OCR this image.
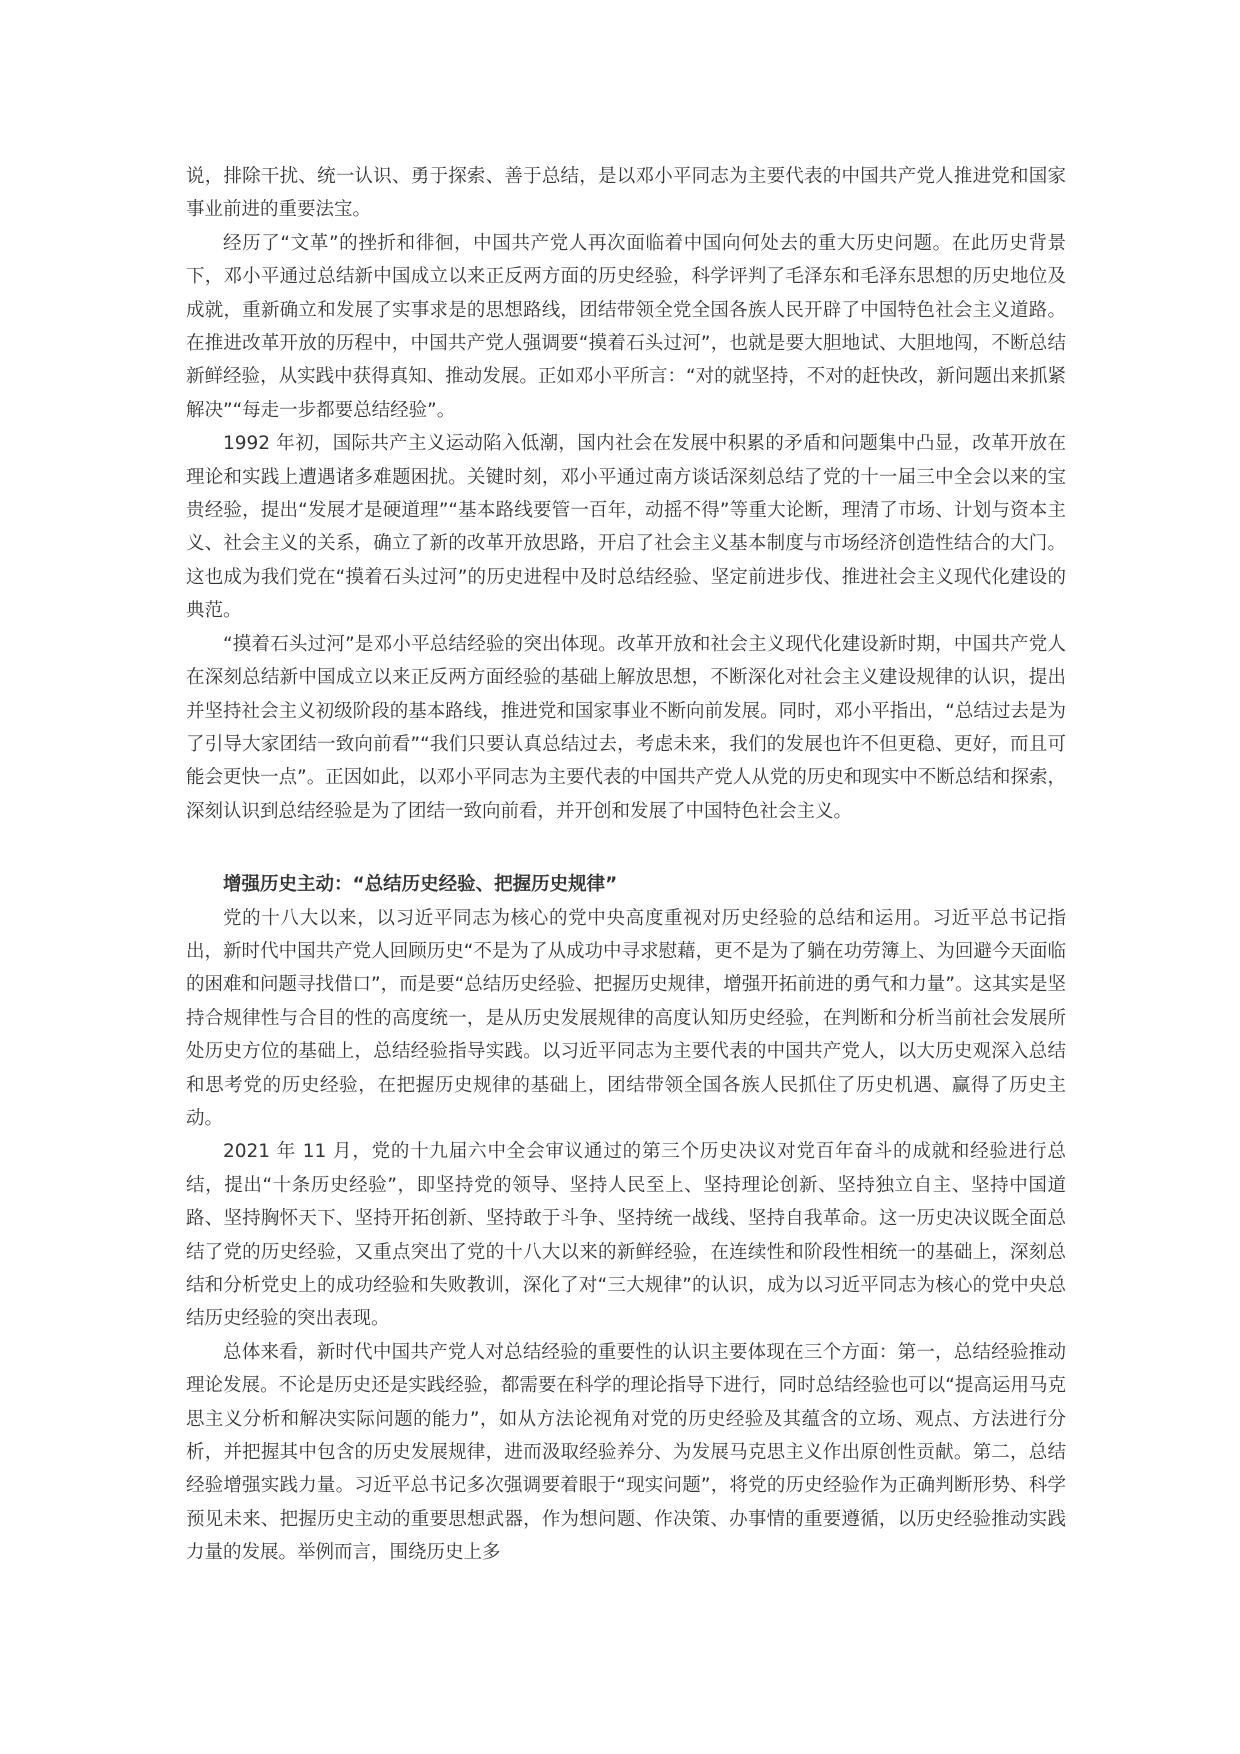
说，排除干扰、统一认识、勇于探索、善于总结，是以邓小平同志为主要代表的中国共产党人推进党和国家事业前进的重要法宝。

经历了“文革”的挫折和徘徊，中国共产党人再次面临着中国向何处去的重大历史问题。在此历史背景下，邓小平通过总结新中国成立以来正反两方面的历史经验，科学评判了毛泽东和毛泽东思想的历史地位及成就，重新确立和发展了实事求是的思想路线，团结带领全党全国各族人民开辟了中国特色社会主义道路。在推进改革开放的历程中，中国共产党人强调要“摸着石头过河”，也就是要大胆地试、大胆地闯，不断总结新鲜经验，从实践中获得真知、推动发展。正如邓小平所言：“对的就坚持，不对的赶快改，新问题出来抓紧解决”“每走一步都要总结经验”。

1992 年初，国际共产主义运动陷入低潮，国内社会在发展中积累的矛盾和问题集中凸显，改革开放在理论和实践上遭遇诸多难题困扰。关键时刻，邓小平通过南方谈话深刻总结了党的十一届三中全会以来的宝贵经验，提出“发展才是硬道理”“基本路线要管一百年，动摇不得”等重大论断，理清了市场、计划与资本主义、社会主义的关系，确立了新的改革开放思路，开启了社会主义基本制度与市场经济创造性结合的大门。这也成为我们党在“摸着石头过河”的历史进程中及时总结经验、坚定前进步伐、推进社会主义现代化建设的典范。

“摸着石头过河”是邓小平总结经验的突出体现。改革开放和社会主义现代化建设新时期，中国共产党人在深刻总结新中国成立以来正反两方面经验的基础上解放思想，不断深化对社会主义建设规律的认识，提出并坚持社会主义初级阶段的基本路线，推进党和国家事业不断向前发展。同时，邓小平指出，“总结过去是为了引导大家团结一致向前看”“我们只要认真总结过去，考虑未来，我们的发展也许不但更稳、更好，而且可能会更快一点”。正因如此，以邓小平同志为主要代表的中国共产党人从党的历史和现实中不断总结和探索，深刻认识到总结经验是为了团结一致向前看，并开创和发展了中国特色社会主义。

增强历史主动：“总结历史经验、把握历史规律”

党的十八大以来，以习近平同志为核心的党中央高度重视对历史经验的总结和运用。习近平总书记指出，新时代中国共产党人回顾历史“不是为了从成功中寻求慰藉，更不是为了躺在功劳簿上、为回避今天面临的困难和问题寻找借口”，而是要“总结历史经验、把握历史规律，增强开拓前进的勇气和力量”。这其实是坚持合规律性与合目的性的高度统一，是从历史发展规律的高度认知历史经验，在判断和分析当前社会发展所处历史方位的基础上，总结经验指导实践。以习近平同志为主要代表的中国共产党人，以大历史观深入总结和思考党的历史经验，在把握历史规律的基础上，团结带领全国各族人民抓住了历史机遇、赢得了历史主动。

2021 年 11 月，党的十九届六中全会审议通过的第三个历史决议对党百年奋斗的成就和经验进行总结，提出“十条历史经验”，即坚持党的领导、坚持人民至上、坚持理论创新、坚持独立自主、坚持中国道路、坚持胸怀天下、坚持开拓创新、坚持敢于斗争、坚持统一战线、坚持自我革命。这一历史决议既全面总结了党的历史经验，又重点突出了党的十八大以来的新鲜经验，在连续性和阶段性相统一的基础上，深刻总结和分析党史上的成功经验和失败教训，深化了对“三大规律”的认识，成为以习近平同志为核心的党中央总结历史经验的突出表现。

总体来看，新时代中国共产党人对总结经验的重要性的认识主要体现在三个方面：第一，总结经验推动理论发展。不论是历史还是实践经验，都需要在科学的理论指导下进行，同时总结经验也可以“提高运用马克思主义分析和解决实际问题的能力”，如从方法论视角对党的历史经验及其蕴含的立场、观点、方法进行分析，并把握其中包含的历史发展规律，进而汲取经验养分、为发展马克思主义作出原创性贡献。第二，总结经验增强实践力量。习近平总书记多次强调要着眼于“现实问题”，将党的历史经验作为正确判断形势、科学预见未来、把握历史主动的重要思想武器，作为想问题、作决策、办事情的重要遵循，以历史经验推动实践力量的发展。举例而言，围绕历史上多
